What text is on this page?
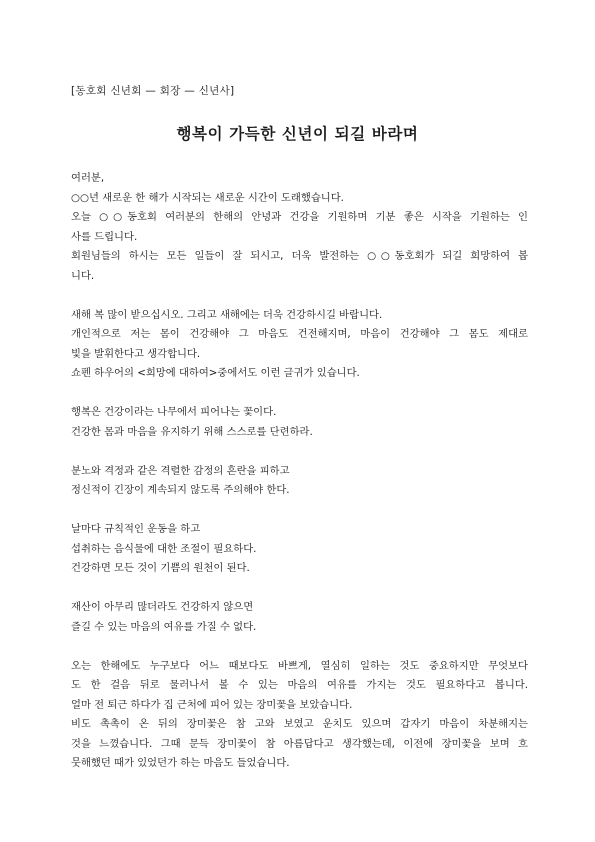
[동호회 신년회 — 회장 — 신년사]
행복이 가득한 신년이 되길 바라며
여러분,
○○년 새로운 한 해가 시작되는 새로운 시간이 도래했습니다.
오늘 ○○동호회 여러분의 한해의 안녕과 건강을 기원하며 기분 좋은 시작을 기원하는 인
사를 드립니다.
회원님들의 하시는 모든 일들이 잘 되시고, 더욱 발전하는 ○○동호회가 되길 희망하여 봅
니다.
새해 복 많이 받으십시오. 그리고 새해에는 더욱 건강하시길 바랍니다.
개인적으로 저는 몸이 건강해야 그 마음도 건전해지며, 마음이 건강해야 그 몸도 제대로
빛을 발휘한다고 생각합니다.
쇼펜 하우어의 <희망에 대하여>중에서도 이런 글귀가 있습니다.
행복은 건강이라는 나무에서 피어나는 꽃이다.
건강한 몸과 마음을 유지하기 위해 스스로를 단련하라.
분노와 격정과 같은 격렬한 감정의 흔란을 피하고
정신적이 긴장이 계속되지 않도록 주의해야 한다.
날마다 규칙적인 운동을 하고
섭취하는 음식물에 대한 조절이 필요하다.
건강하면 모든 것이 기쁨의 원천이 된다.
재산이 아무리 많더라도 건강하지 않으면
즐길 수 있는 마음의 여유를 가질 수 없다.
오는 한해에도 누구보다 어느 때보다도 바쁘게, 열심히 일하는 것도 중요하지만 무엇보다
도 한 걸음 뒤로 물러나서 볼 수 있는 마음의 여유를 가지는 것도 필요하다고 봅니다.
얼마 전 퇴근 하다가 집 근처에 피어 있는 장미꽃을 보았습니다.
비도 촉촉이 온 뒤의 장미꽃은 참 고와 보였고 운치도 있으며 갑자기 마음이 차분해지는
것을 느꼈습니다. 그때 문득 장미꽃이 참 아름답다고 생각했는데, 이전에 장미꽃을 보며 흐
뭇해했던 때가 있었던가 하는 마음도 들었습니다.
